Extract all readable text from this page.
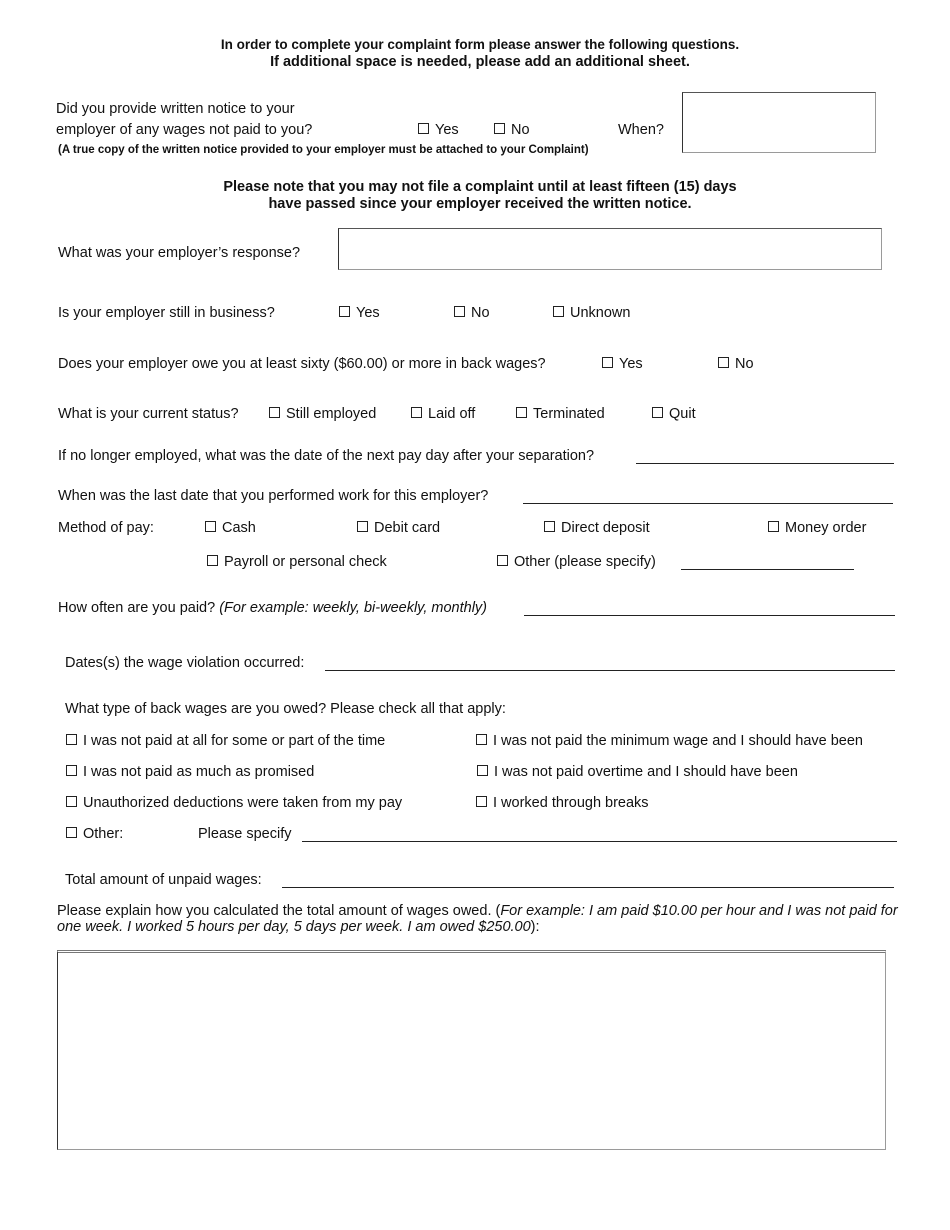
In order to complete your complaint form please answer the following questions.
If additional space is needed, please add an additional sheet.
Did you provide written notice to your
employer of any wages not paid to you?	Yes	No	When?
(A true copy of the written notice provided to your employer must be attached to your Complaint)
Please note that you may not file a complaint until at least fifteen (15) days
have passed since your employer received the written notice.
What was your employer’s response?
Is your employer still in business?	Yes	No	Unknown
Does your employer owe you at least sixty ($60.00) or more in back wages?	Yes	No
What is your current status?	Still employed	Laid off	Terminated	Quit
If no longer employed, what was the date of the next pay day after your separation?
When was the last date that you performed work for this employer?
Method of pay:	Cash	Debit card	Direct deposit	Money order
Payroll or personal check	Other (please specify)
How often are you paid? (For example: weekly, bi-weekly, monthly)
Dates(s) the wage violation occurred:
What type of back wages are you owed? Please check all that apply:
I was not paid at all for some or part of the time	I was not paid the minimum wage and I should have been
I was not paid as much as promised	I was not paid overtime and I should have been
Unauthorized deductions were taken from my pay	I worked through breaks
Other:	Please specify
Total amount of unpaid wages:
Please explain how you calculated the total amount of wages owed. (For example: I am paid $10.00 per hour and I was not paid for one week. I worked 5 hours per day, 5 days per week. I am owed $250.00):
